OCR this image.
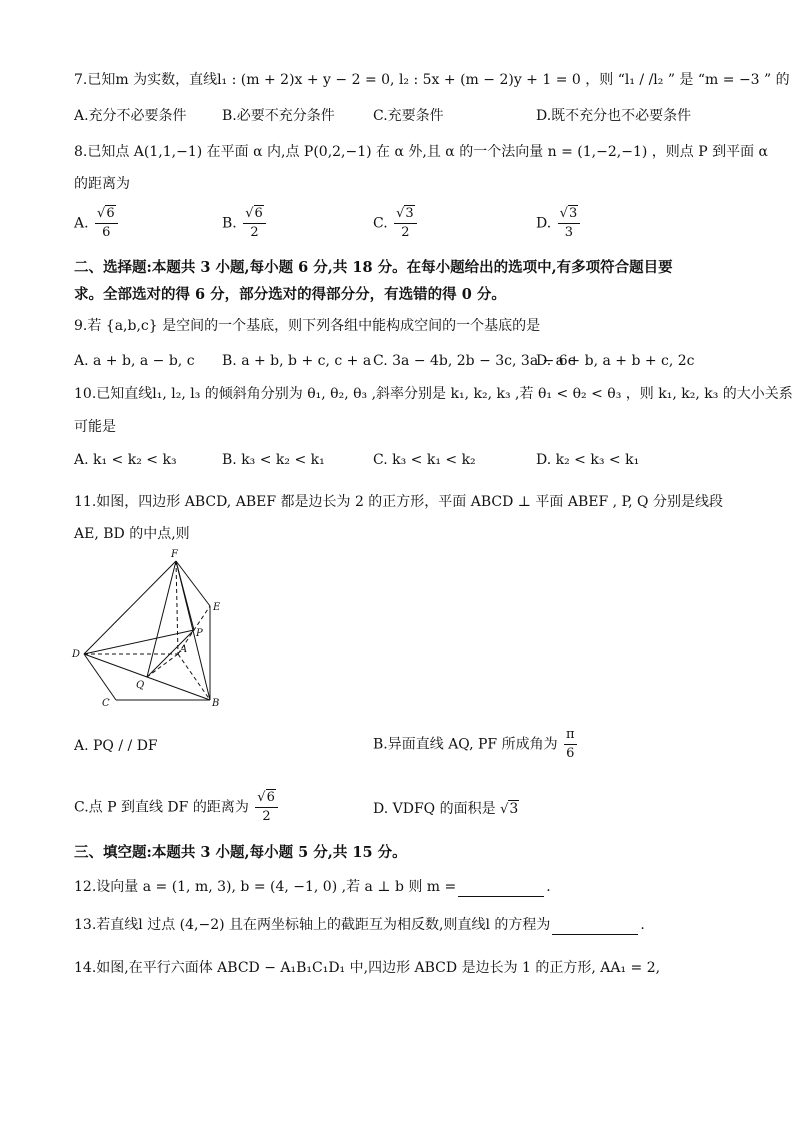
7.已知m 为实数，直线l₁ : (m + 2)x + y − 2 = 0, l₂ : 5x + (m − 2)y + 1 = 0 ，则 “l₁ / /l₂ ” 是 “m = −3 ” 的
A.充分不必要条件	B.必要不充分条件	C.充要条件	D.既不充分也不必要条件
8.已知点 A(1,1,−1) 在平面 α 内,点 P(0,2,−1) 在 α 外,且 α 的一个法向量 n = (1,−2,−1) ，则点 P 到平面 α
的距离为
A. $\frac{√6}{6}$	B. $\frac{√6}{2}$	C. $\frac{√3}{2}$	D. $\frac{√3}{3}$
二、选择题:本题共 3 小题,每小题 6 分,共 18 分。在每小题给出的选项中,有多项符合题目要
求。全部选对的得 6 分，部分选对的得部分分，有选错的得 0 分。
9.若 {a,b,c} 是空间的一个基底，则下列各组中能构成空间的一个基底的是
A. a + b, a − b, c B. a + b, b + c, c + a C. 3a − 4b, 2b − 3c, 3a − 6c
D. a + b, a + b + c, 2c
10.已知直线l₁, l₂, l₃ 的倾斜角分别为 θ₁, θ₂, θ₃ ,斜率分别是 k₁, k₂, k₃ ,若 θ₁ < θ₂ < θ₃ ，则 k₁, k₂, k₃ 的大小关系
可能是
A. k₁ < k₂ < k₃	B. k₃ < k₂ < k₁	C. k₃ < k₁ < k₂	D. k₂ < k₃ < k₁
11.如图，四边形 ABCD, ABEF 都是边长为 2 的正方形，平面 ABCD ⊥ 平面 ABEF , P, Q 分别是线段
AE, BD 的中点,则
F
E
P
A
D
Q
C	B
A. PQ / / DF	B.异面直线 AQ, PF 所成角为 $\frac{\pi}{6}$
C.点 P 到直线 DF 的距离为 $\frac{√6}{2}$	D. VDFQ 的面积是 √3
三、填空题:本题共 3 小题,每小题 5 分,共 15 分。
12.设向量 a = (1, m, 3), b = (4, −1, 0) ,若 a ⊥ b 则 m =	.
13.若直线l 过点 (4,−2) 且在两坐标轴上的截距互为相反数,则直线l 的方程为	.
14.如图,在平行六面体 ABCD − A₁B₁C₁D₁ 中,四边形 ABCD 是边长为 1 的正方形, AA₁ = 2,
